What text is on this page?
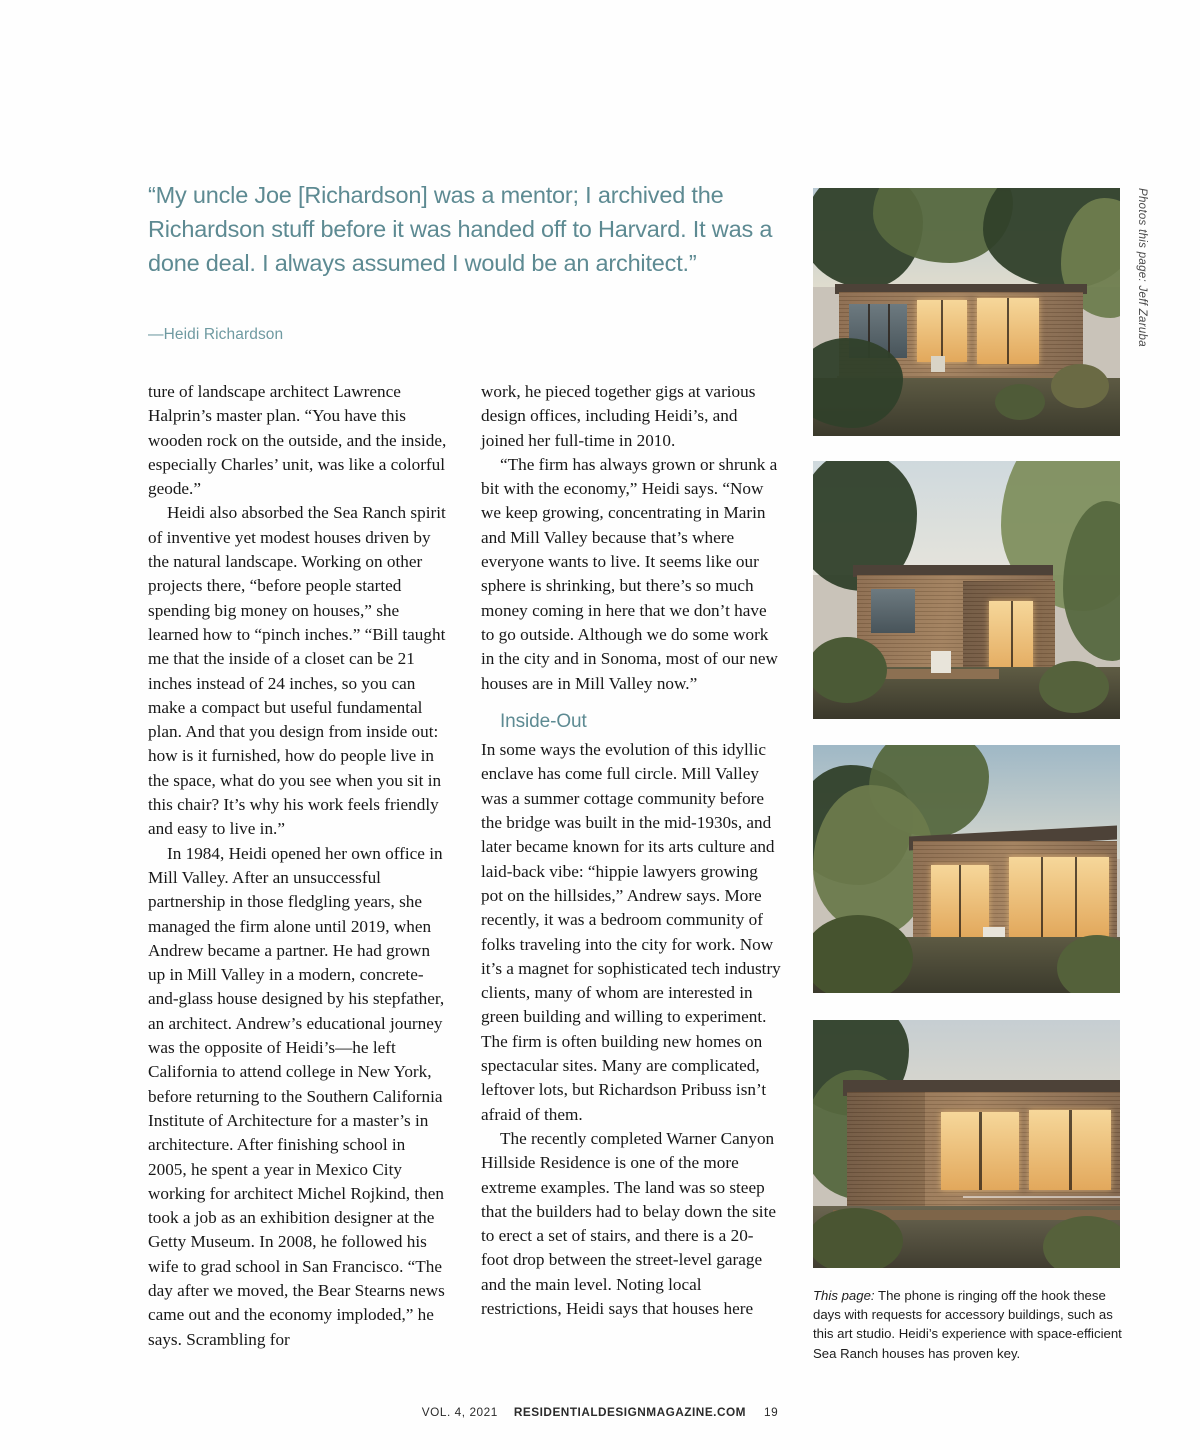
“My uncle Joe [Richardson] was a mentor; I archived the Richardson stuff before it was handed off to Harvard. It was a done deal. I always assumed I would be an architect.”
—Heidi Richardson

ture of landscape architect Lawrence Halprin’s master plan. “You have this wooden rock on the outside, and the inside, especially Charles’ unit, was like a colorful geode.”

Heidi also absorbed the Sea Ranch spirit of inventive yet modest houses driven by the natural landscape. Working on other projects there, “before people started spending big money on houses,” she learned how to “pinch inches.” “Bill taught me that the inside of a closet can be 21 inches instead of 24 inches, so you can make a compact but useful fundamental plan. And that you design from inside out: how is it furnished, how do people live in the space, what do you see when you sit in this chair? It’s why his work feels friendly and easy to live in.”

In 1984, Heidi opened her own office in Mill Valley. After an unsuccessful partnership in those fledgling years, she managed the firm alone until 2019, when Andrew became a partner. He had grown up in Mill Valley in a modern, concrete-and-glass house designed by his stepfather, an architect. Andrew’s educational journey was the opposite of Heidi’s—he left California to attend college in New York, before returning to the Southern California Institute of Architecture for a master’s in architecture. After finishing school in 2005, he spent a year in Mexico City working for architect Michel Rojkind, then took a job as an exhibition designer at the Getty Museum. In 2008, he followed his wife to grad school in San Francisco. “The day after we moved, the Bear Stearns news came out and the economy imploded,” he says. Scrambling for

work, he pieced together gigs at various design offices, including Heidi’s, and joined her full-time in 2010.

“The firm has always grown or shrunk a bit with the economy,” Heidi says. “Now we keep growing, concentrating in Marin and Mill Valley because that’s where everyone wants to live. It seems like our sphere is shrinking, but there’s so much money coming in here that we don’t have to go outside. Although we do some work in the city and in Sonoma, most of our new houses are in Mill Valley now.”

Inside-Out

In some ways the evolution of this idyllic enclave has come full circle. Mill Valley was a summer cottage community before the bridge was built in the mid-1930s, and later became known for its arts culture and laid-back vibe: “hippie lawyers growing pot on the hillsides,” Andrew says. More recently, it was a bedroom community of folks traveling into the city for work. Now it’s a magnet for sophisticated tech industry clients, many of whom are interested in green building and willing to experiment. The firm is often building new homes on spectacular sites. Many are complicated, leftover lots, but Richardson Pribuss isn’t afraid of them.

The recently completed Warner Canyon Hillside Residence is one of the more extreme examples. The land was so steep that the builders had to belay down the site to erect a set of stairs, and there is a 20-foot drop between the street-level garage and the main level. Noting local restrictions, Heidi says that houses here

Photos this page: Jeff Zaruba
This page: The phone is ringing off the hook these days with requests for accessory buildings, such as this art studio. Heidi’s experience with space-efficient Sea Ranch houses has proven key.
VOL. 4, 2021 RESIDENTIALDESIGNMAGAZINE.COM 19
